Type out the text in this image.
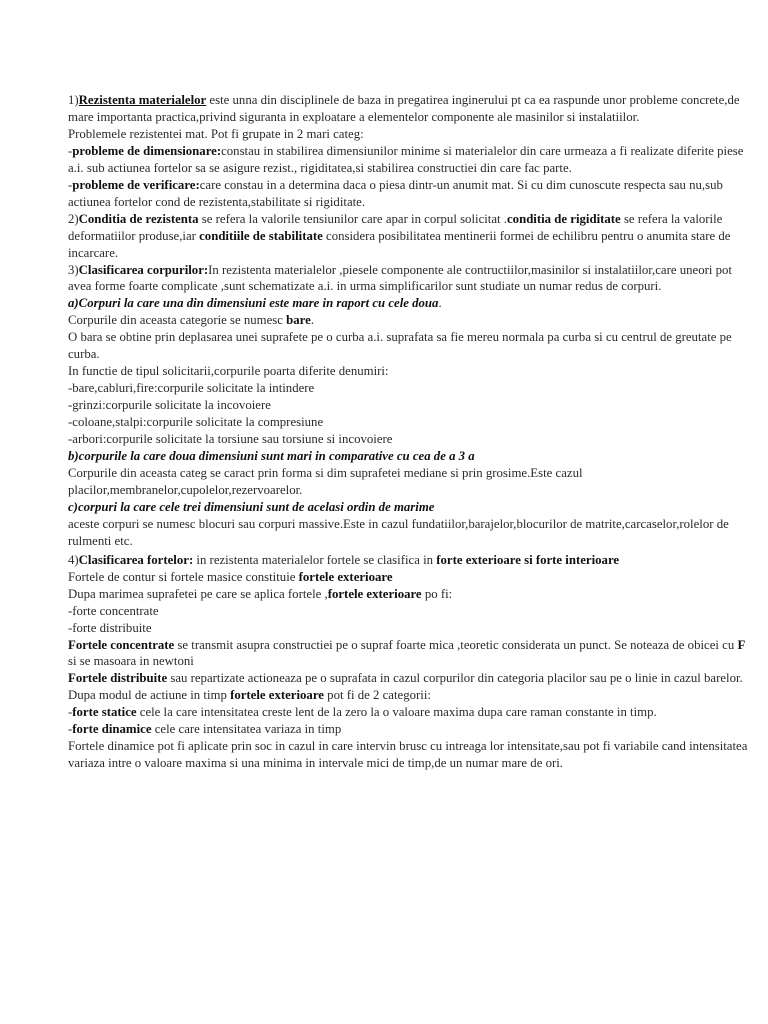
1)Rezistenta materialelor este unna din disciplinele de baza in pregatirea inginerului pt ca ea raspunde unor probleme concrete,de mare importanta practica,privind siguranta in exploatare a elementelor componente ale masinilor si instalatiilor.

Problemele rezistentei mat. Pot fi grupate in 2 mari categ:

-probleme de dimensionare:constau in stabilirea dimensiunilor minime si materialelor din care urmeaza a fi realizate diferite piese a.i. sub actiunea fortelor sa se asigure rezist., rigiditatea,si stabilirea constructiei din care fac parte.

-probleme de verificare:care constau in a determina daca o piesa dintr-un anumit mat. Si cu dim cunoscute respecta sau nu,sub actiunea fortelor cond de rezistenta,stabilitate si rigiditate.

2)Conditia de rezistenta se refera la valorile tensiunilor care apar in corpul solicitat .conditia de rigiditate se refera la valorile deformatiilor produse,iar conditiile de stabilitate considera posibilitatea mentinerii formei de echilibru pentru o anumita stare de incarcare.

3)Clasificarea corpurilor:In rezistenta materialelor ,piesele componente ale contructiilor,masinilor si instalatiilor,care uneori pot avea forme foarte complicate ,sunt schematizate a.i. in urma simplificarilor sunt studiate un numar redus de corpuri.

a)Corpuri la care una din dimensiuni este mare in raport cu cele doua.

Corpurile din aceasta categorie se numesc bare.

O bara se obtine prin deplasarea unei suprafete pe o curba a.i. suprafata sa fie mereu normala pa curba si cu centrul de greutate pe curba.

In functie de tipul solicitarii,corpurile poarta diferite denumiri:

-bare,cabluri,fire:corpurile solicitate la intindere

-grinzi:corpurile solicitate la incovoiere

-coloane,stalpi:corpurile solicitate la compresiune

-arbori:corpurile solicitate la torsiune sau torsiune si incovoiere

b)corpurile la care doua dimensiuni sunt mari in comparative cu cea de a 3 a

Corpurile din aceasta categ se caract prin forma si dim suprafetei mediane si prin grosime.Este cazul placilor,membranelor,cupolelor,rezervoarelor.

c)corpuri la care cele trei dimensiuni sunt de acelasi ordin de marime

aceste corpuri se numesc blocuri sau corpuri massive.Este in cazul fundatiilor,barajelor,blocurilor de matrite,carcaselor,rolelor de rulmenti etc.

4)Clasificarea fortelor: in rezistenta materialelor fortele se clasifica in forte exterioare si forte interioare

Fortele de contur si fortele masice constituie fortele exterioare

Dupa marimea suprafetei pe care se aplica fortele ,fortele exterioare po fi:

-forte concentrate

-forte distribuite

Fortele concentrate se transmit asupra constructiei pe o supraf foarte mica ,teoretic considerata un punct. Se noteaza de obicei cu F si se masoara in newtoni

Fortele distribuite sau repartizate actioneaza pe o suprafata in cazul corpurilor din categoria placilor sau pe o linie in cazul barelor.

Dupa modul de actiune in timp fortele exterioare pot fi de 2 categorii:

-forte statice cele la care intensitatea creste lent de la zero la o valoare maxima dupa care raman constante in timp.

-forte dinamice cele care intensitatea variaza in timp

Fortele dinamice pot fi aplicate prin soc in cazul in care intervin brusc cu intreaga lor intensitate,sau pot fi variabile cand intensitatea variaza intre o valoare maxima si una minima in intervale mici de timp,de un numar mare de ori.
